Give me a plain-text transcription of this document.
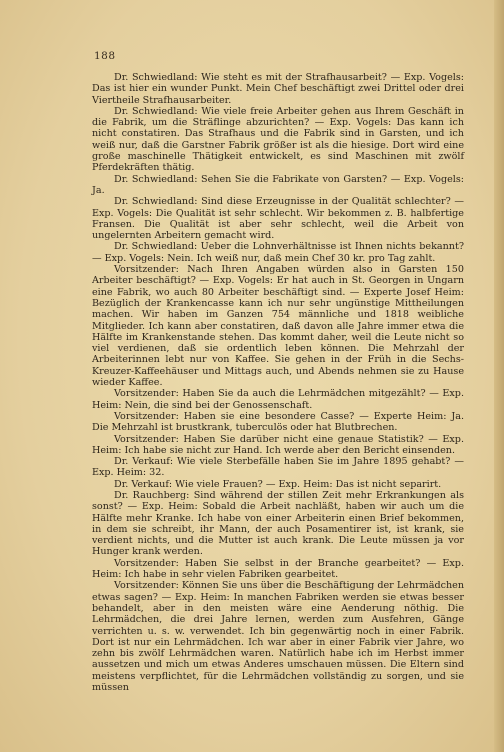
188

Dr. Schwiedland: Wie steht es mit der Strafhausarbeit? — Exp. Vogels: Das ist hier ein wunder Punkt. Mein Chef beschäftigt zwei Drittel oder drei Viertheile Strafhausarbeiter.

Dr. Schwiedland: Wie viele freie Arbeiter gehen aus Ihrem Geschäft in die Fabrik, um die Sträflinge abzurichten? — Exp. Vogels: Das kann ich nicht constatiren. Das Strafhaus und die Fabrik sind in Garsten, und ich weiß nur, daß die Garstner Fabrik größer ist als die hiesige. Dort wird eine große maschinelle Thätigkeit entwickelt, es sind Maschinen mit zwölf Pferdekräften thätig.

Dr. Schwiedland: Sehen Sie die Fabrikate von Garsten? — Exp. Vogels: Ja.

Dr. Schwiedland: Sind diese Erzeugnisse in der Qualität schlechter? — Exp. Vogels: Die Qualität ist sehr schlecht. Wir bekommen z. B. halbfertige Fransen. Die Qualität ist aber sehr schlecht, weil die Arbeit von ungelernten Arbeitern gemacht wird.

Dr. Schwiedland: Ueber die Lohnverhältnisse ist Ihnen nichts bekannt? — Exp. Vogels: Nein. Ich weiß nur, daß mein Chef 30 kr. pro Tag zahlt.

Vorsitzender: Nach Ihren Angaben würden also in Garsten 150 Arbeiter beschäftigt? — Exp. Vogels: Er hat auch in St. Georgen in Ungarn eine Fabrik, wo auch 80 Arbeiter beschäftigt sind. — Experte Josef Heim: Bezüglich der Krankencasse kann ich nur sehr ungünstige Mittheilungen machen. Wir haben im Ganzen 754 männliche und 1818 weibliche Mitglieder. Ich kann aber constatiren, daß davon alle Jahre immer etwa die Hälfte im Krankenstande stehen. Das kommt daher, weil die Leute nicht so viel verdienen, daß sie ordentlich leben können. Die Mehrzahl der Arbeiterinnen lebt nur von Kaffee. Sie gehen in der Früh in die Sechs-Kreuzer-Kaffeehäuser und Mittags auch, und Abends nehmen sie zu Hause wieder Kaffee.

Vorsitzender: Haben Sie da auch die Lehrmädchen mitgezählt? — Exp. Heim: Nein, die sind bei der Genossenschaft.

Vorsitzender: Haben sie eine besondere Casse? — Experte Heim: Ja. Die Mehrzahl ist brustkrank, tuberculös oder hat Blutbrechen.

Vorsitzender: Haben Sie darüber nicht eine genaue Statistik? — Exp. Heim: Ich habe sie nicht zur Hand. Ich werde aber den Bericht einsenden.

Dr. Verkauf: Wie viele Sterbefälle haben Sie im Jahre 1895 gehabt? — Exp. Heim: 32.

Dr. Verkauf: Wie viele Frauen? — Exp. Heim: Das ist nicht separirt.

Dr. Rauchberg: Sind während der stillen Zeit mehr Erkrankungen als sonst? — Exp. Heim: Sobald die Arbeit nachläßt, haben wir auch um die Hälfte mehr Kranke. Ich habe von einer Arbeiterin einen Brief bekommen, in dem sie schreibt, ihr Mann, der auch Posamentirer ist, ist krank, sie verdient nichts, und die Mutter ist auch krank. Die Leute müssen ja vor Hunger krank werden.

Vorsitzender: Haben Sie selbst in der Branche gearbeitet? — Exp. Heim: Ich habe in sehr vielen Fabriken gearbeitet.

Vorsitzender: Können Sie uns über die Beschäftigung der Lehrmädchen etwas sagen? — Exp. Heim: In manchen Fabriken werden sie etwas besser behandelt, aber in den meisten wäre eine Aenderung nöthig. Die Lehrmädchen, die drei Jahre lernen, werden zum Ausfehren, Gänge verrichten u. s. w. verwendet. Ich bin gegenwärtig noch in einer Fabrik. Dort ist nur ein Lehrmädchen. Ich war aber in einer Fabrik vier Jahre, wo zehn bis zwölf Lehrmädchen waren. Natürlich habe ich im Herbst immer aussetzen und mich um etwas Anderes umschauen müssen. Die Eltern sind meistens verpflichtet, für die Lehrmädchen vollständig zu sorgen, und sie müssen
